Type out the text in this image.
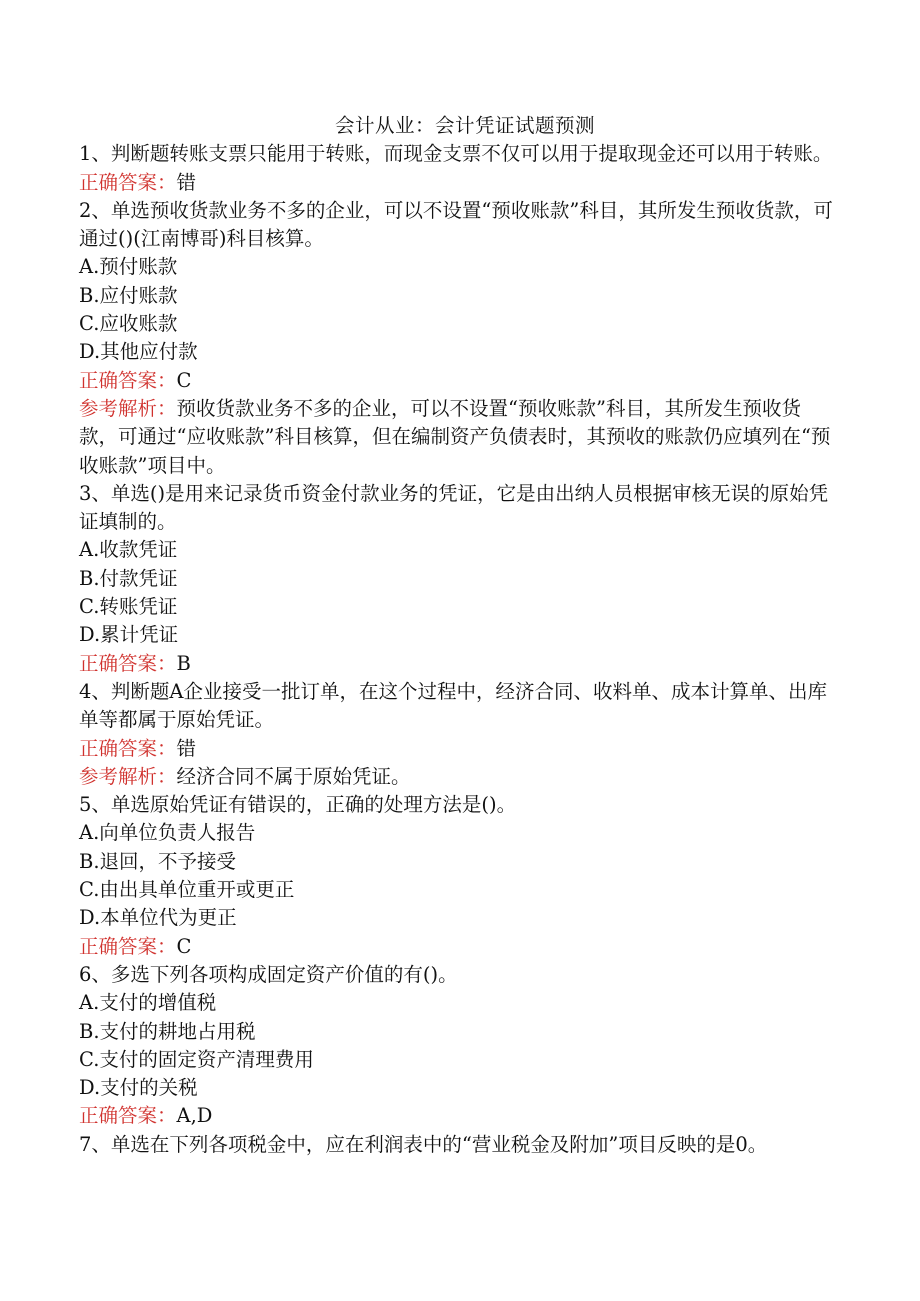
会计从业：会计凭证试题预测

1、判断题转账支票只能用于转账，而现金支票不仅可以用于提取现金还可以用于转账。

正确答案：错

2、单选预收货款业务不多的企业，可以不设置“预收账款”科目，其所发生预收货款，可通过()(江南博哥)科目核算。

A.预付账款

B.应付账款

C.应收账款

D.其他应付款

正确答案：C

参考解析：预收货款业务不多的企业，可以不设置“预收账款”科目，其所发生预收货款，可通过“应收账款”科目核算，但在编制资产负债表时，其预收的账款仍应填列在“预收账款”项目中。

3、单选()是用来记录货币资金付款业务的凭证，它是由出纳人员根据审核无误的原始凭证填制的。

A.收款凭证

B.付款凭证

C.转账凭证

D.累计凭证

正确答案：B

4、判断题A企业接受一批订单，在这个过程中，经济合同、收料单、成本计算单、出库单等都属于原始凭证。

正确答案：错

参考解析：经济合同不属于原始凭证。

5、单选原始凭证有错误的，正确的处理方法是()。

A.向单位负责人报告

B.退回，不予接受

C.由出具单位重开或更正

D.本单位代为更正

正确答案：C

6、多选下列各项构成固定资产价值的有()。

A.支付的增值税

B.支付的耕地占用税

C.支付的固定资产清理费用

D.支付的关税

正确答案：A,D

7、单选在下列各项税金中，应在利润表中的“营业税金及附加”项目反映的是0。
